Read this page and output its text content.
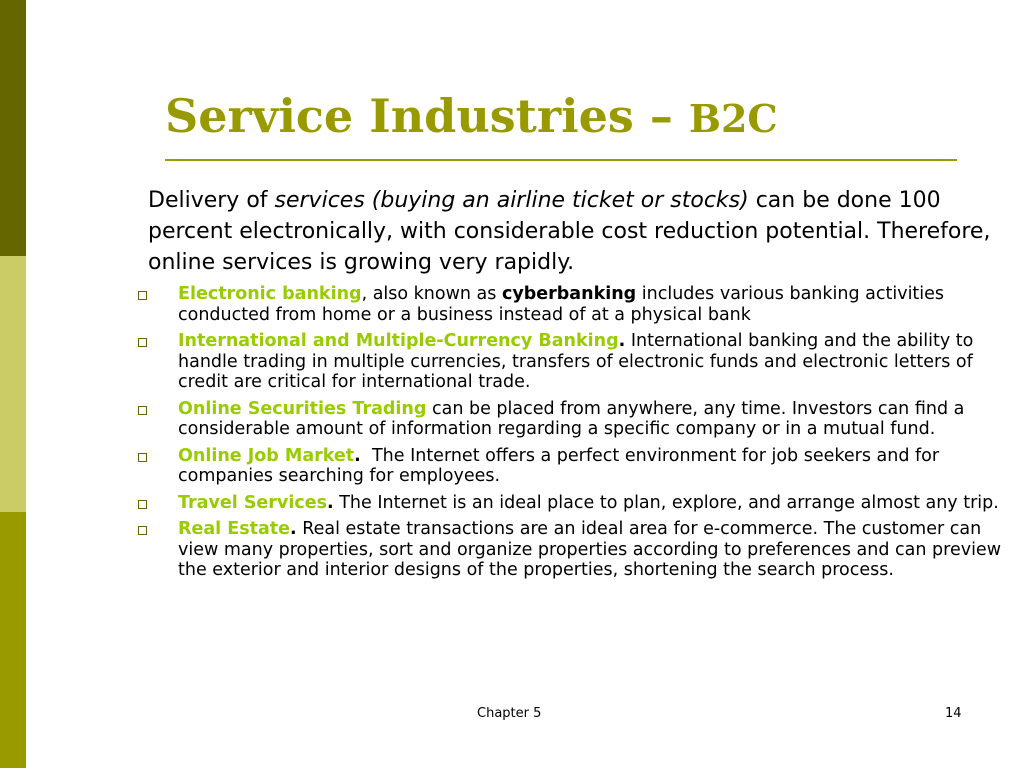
Service Industries – B2C

Delivery of services (buying an airline ticket or stocks) can be done 100 percent electronically, with considerable cost reduction potential. Therefore, online services is growing very rapidly.

Electronic banking, also known as cyberbanking includes various banking activities conducted from home or a business instead of at a physical bank
International and Multiple-Currency Banking. International banking and the ability to handle trading in multiple currencies, transfers of electronic funds and electronic letters of credit are critical for international trade.
Online Securities Trading can be placed from anywhere, any time. Investors can find a considerable amount of information regarding a specific company or in a mutual fund.
Online Job Market.  The Internet offers a perfect environment for job seekers and for companies searching for employees.
Travel Services. The Internet is an ideal place to plan, explore, and arrange almost any trip.
Real Estate. Real estate transactions are an ideal area for e-commerce. The customer can view many properties, sort and organize properties according to preferences and can preview the exterior and interior designs of the properties, shortening the search process.
Chapter 5	14
